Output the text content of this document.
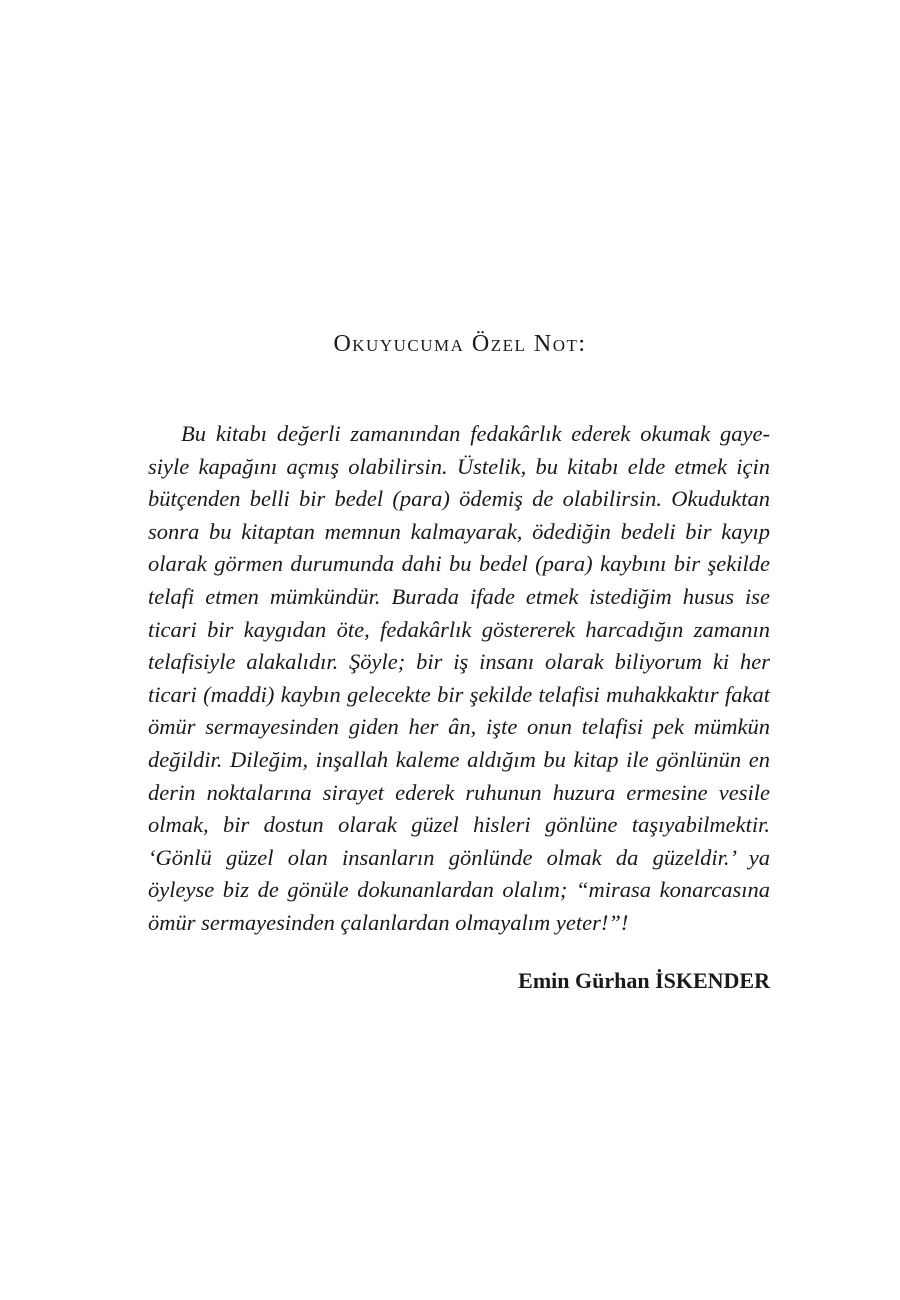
Okuyucuma Özel Not:

Bu kitabı değerli zamanından fedakârlık ederek okumak gayesiyle kapağını açmış olabilirsin. Üstelik, bu kitabı elde etmek için bütçenden belli bir bedel (para) ödemiş de olabilirsin. Okuduktan sonra bu kitaptan memnun kalmayarak, ödediğin bedeli bir kayıp olarak görmen durumunda dahi bu bedel (para) kaybını bir şekilde telafi etmen mümkündür. Burada ifade etmek istediğim husus ise ticari bir kaygıdan öte, fedakârlık göstererek harcadığın zamanın telafisiyle alakalıdır. Şöyle; bir iş insanı olarak biliyorum ki her ticari (maddi) kaybın gelecekte bir şekilde telafisi muhakkaktır fakat ömür sermayesinden giden her ân, işte onun telafisi pek mümkün değildir. Dileğim, inşallah kaleme aldığım bu kitap ile gönlünün en derin noktalarına sirayet ederek ruhunun huzura ermesine vesile olmak, bir dostun olarak güzel hisleri gönlüne taşıyabilmektir. ‘Gönlü güzel olan insanların gönlünde olmak da güzeldir.’ ya öyleyse biz de gönüle dokunanlardan olalım; “mirasa konarcasına ömür sermayesinden çalanlardan olmayalım yeter!”!

Emin Gürhan İSKENDER
